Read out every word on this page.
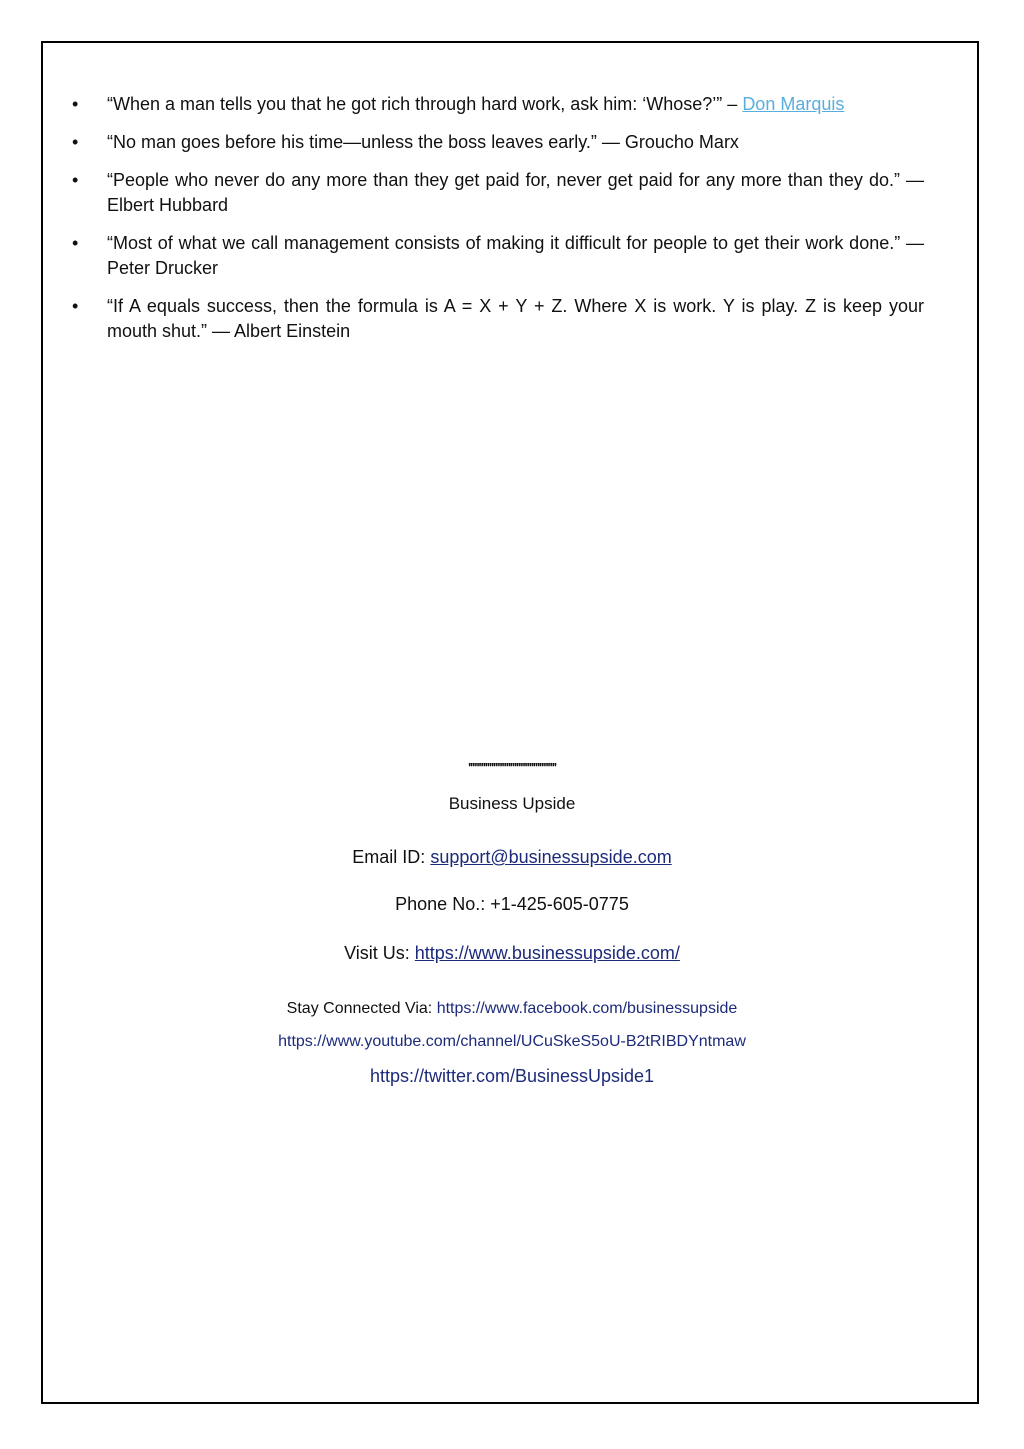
•	“When a man tells you that he got rich through hard work, ask him: ‘Whose?’” – Don Marquis
•	“No man goes before his time—unless the boss leaves early.” — Groucho Marx
•	“People who never do any more than they get paid for, never get paid for any more than they do.” — Elbert Hubbard
•	“Most of what we call management consists of making it difficult for people to get their work done.” — Peter Drucker
•	“If A equals success, then the formula is A = X + Y + Z. Where X is work. Y is play. Z is keep your mouth shut.” — Albert Einstein
''''''''''''''''''''''''''''''''''''''''''
Business Upside
Email ID: support@businessupside.com
Phone No.: +1-425-605-0775
Visit Us: https://www.businessupside.com/
Stay Connected Via: https://www.facebook.com/businessupside
https://www.youtube.com/channel/UCuSkeS5oU-B2tRIBDYntmaw
https://twitter.com/BusinessUpside1
